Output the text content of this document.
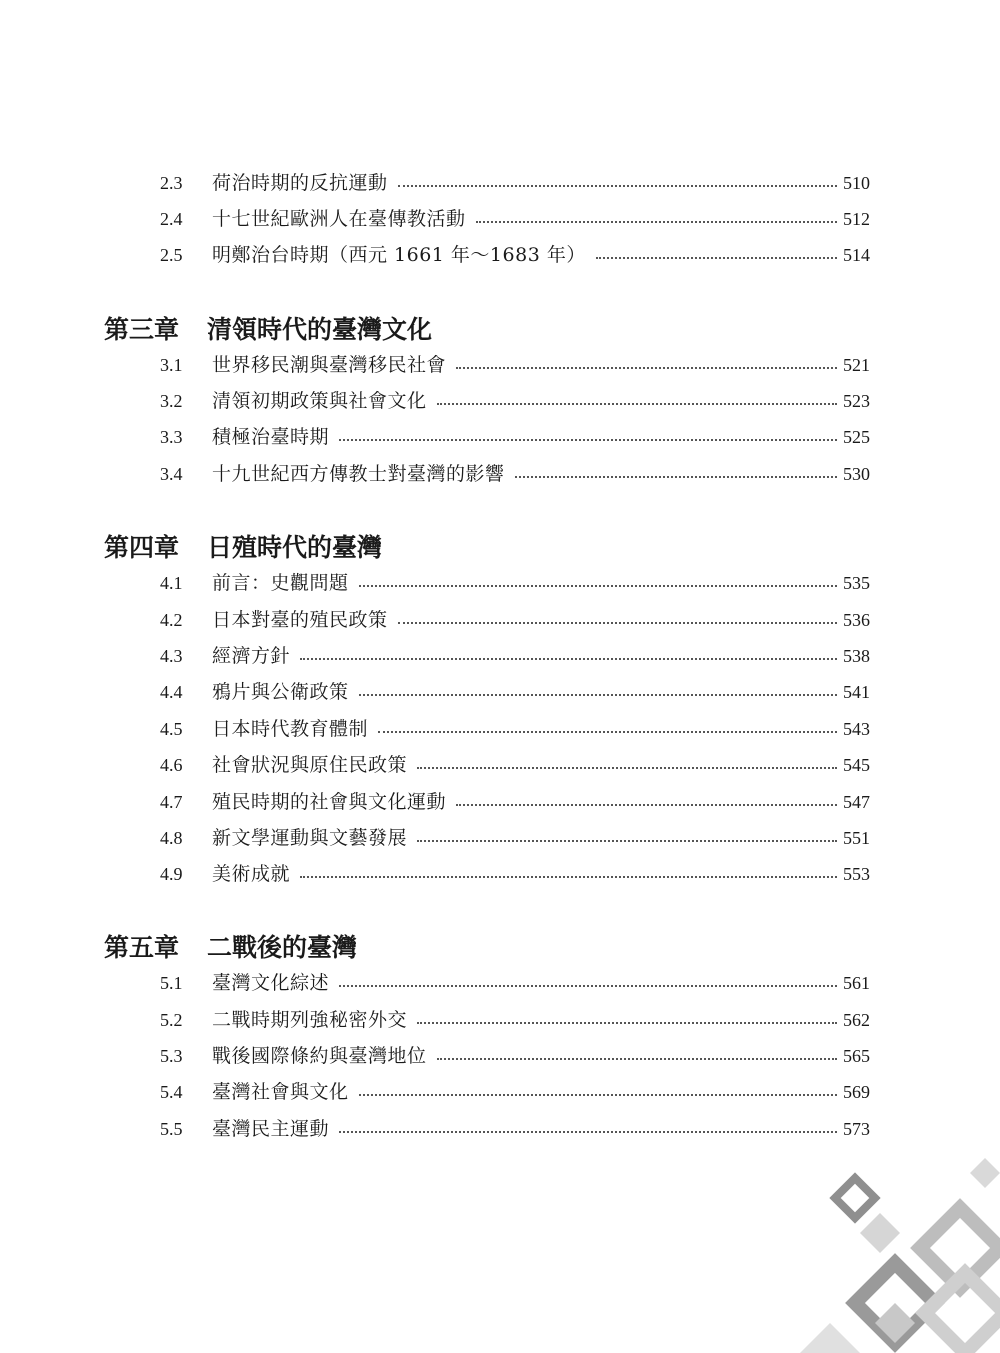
2.3	荷治時期的反抗運動	510
2.4	十七世紀歐洲人在臺傳教活動	512
2.5	明鄭治台時期（西元 1661 年～1683 年）	514
第三章 清領時代的臺灣文化
3.1	世界移民潮與臺灣移民社會	521
3.2	清領初期政策與社會文化	523
3.3	積極治臺時期	525
3.4	十九世紀西方傳教士對臺灣的影響	530
第四章 日殖時代的臺灣
4.1	前言：史觀問題	535
4.2	日本對臺的殖民政策	536
4.3	經濟方針	538
4.4	鴉片與公衛政策	541
4.5	日本時代教育體制	543
4.6	社會狀況與原住民政策	545
4.7	殖民時期的社會與文化運動	547
4.8	新文學運動與文藝發展	551
4.9	美術成就	553
第五章 二戰後的臺灣
5.1	臺灣文化綜述	561
5.2	二戰時期列強秘密外交	562
5.3	戰後國際條約與臺灣地位	565
5.4	臺灣社會與文化	569
5.5	臺灣民主運動	573
